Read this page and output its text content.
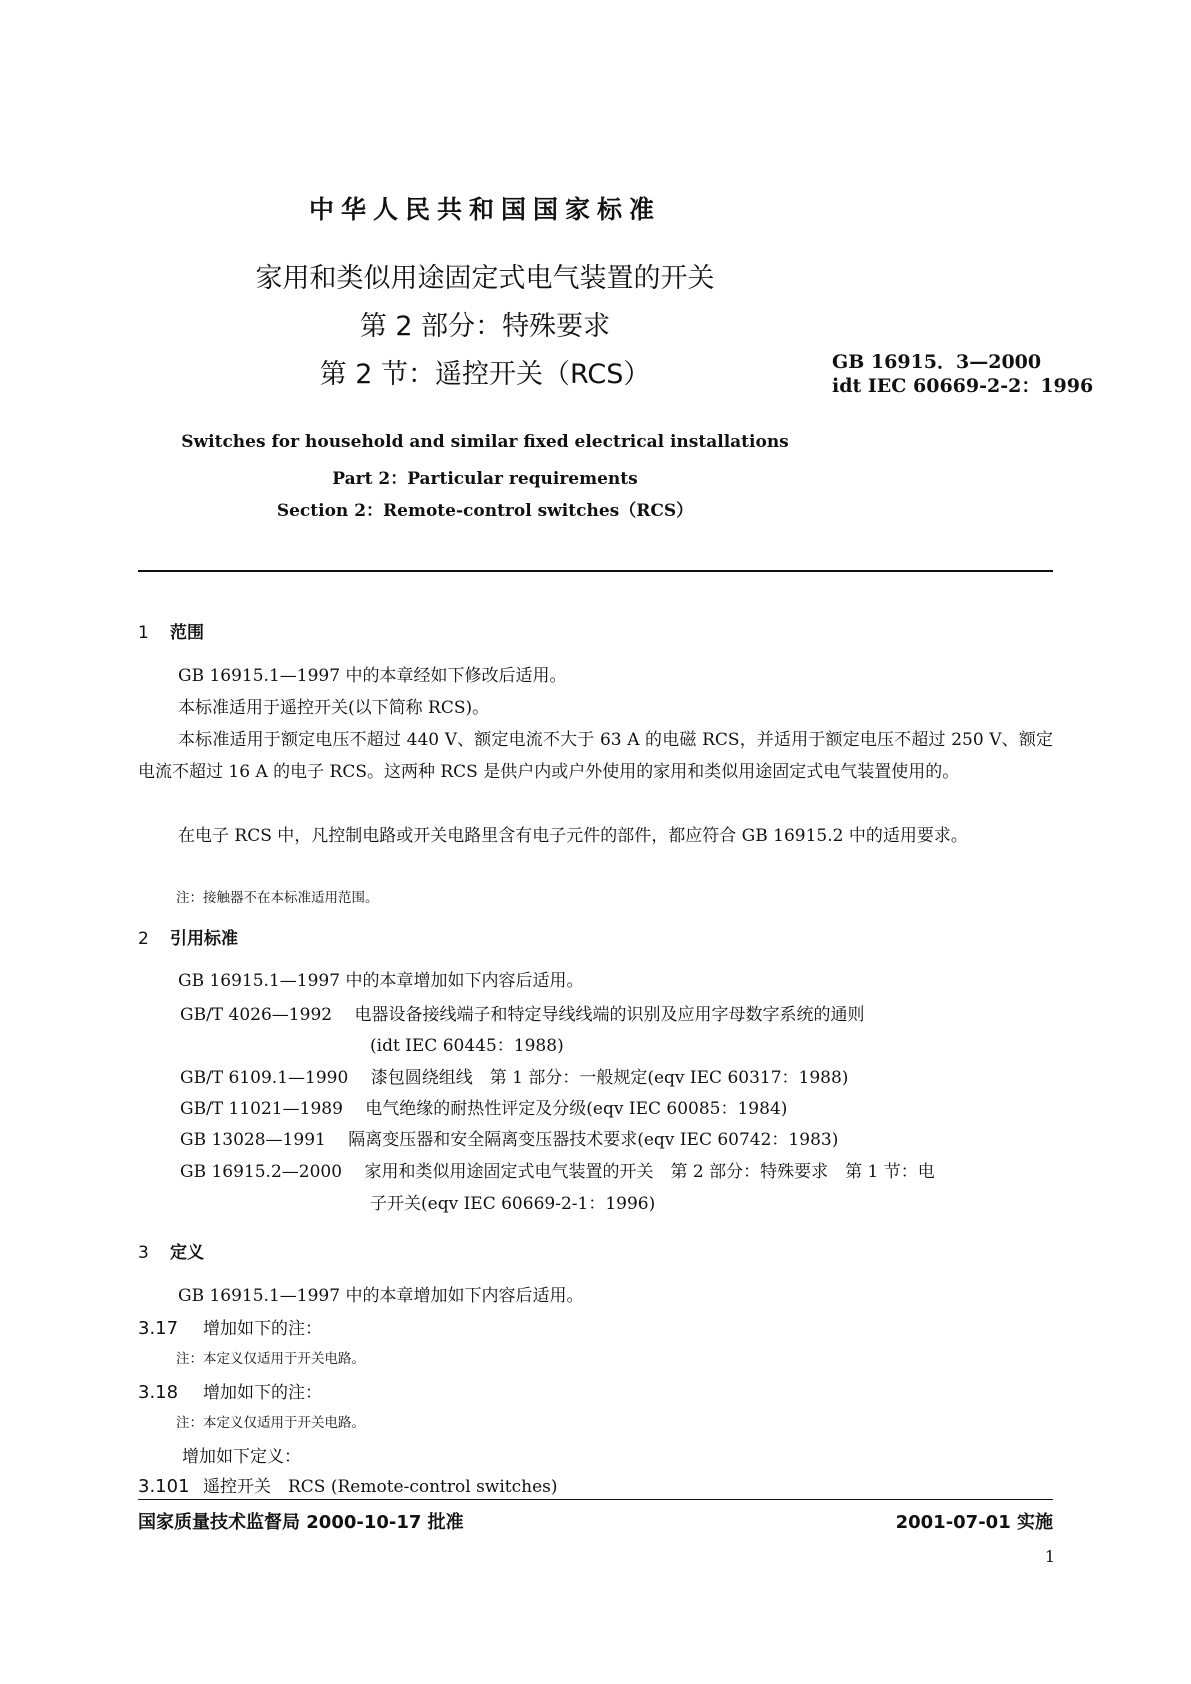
中华人民共和国国家标准
家用和类似用途固定式电气装置的开关
第 2 部分：特殊要求
第 2 节：遥控开关（RCS）	GB 16915．3—2000
idt IEC 60669-2-2：1996
Switches for household and similar fixed electrical installations
Part 2：Particular requirements
Section 2：Remote-control switches（RCS）
1 范围
GB 16915.1—1997 中的本章经如下修改后适用。
本标准适用于遥控开关(以下简称 RCS)。
本标准适用于额定电压不超过 440 V、额定电流不大于 63 A 的电磁 RCS，并适用于额定电压不超过 250 V、额定电流不超过 16 A 的电子 RCS。这两种 RCS 是供户内或户外使用的家用和类似用途固定式电气装置使用的。
在电子 RCS 中，凡控制电路或开关电路里含有电子元件的部件，都应符合 GB 16915.2 中的适用要求。
注：接触器不在本标准适用范围。
2 引用标准
GB 16915.1—1997 中的本章增加如下内容后适用。
GB/T 4026—1992　 电器设备接线端子和特定导线线端的识别及应用字母数字系统的通则
(idt IEC 60445：1988)
GB/T 6109.1—1990　 漆包圆绕组线　第 1 部分：一般规定(eqv IEC 60317：1988)
GB/T 11021—1989　 电气绝缘的耐热性评定及分级(eqv IEC 60085：1984)
GB 13028—1991　 隔离变压器和安全隔离变压器技术要求(eqv IEC 60742：1983)
GB 16915.2—2000　 家用和类似用途固定式电气装置的开关　第 2 部分：特殊要求　第 1 节：电
子开关(eqv IEC 60669-2-1：1996)
3 定义
GB 16915.1—1997 中的本章增加如下内容后适用。
3.17 增加如下的注：
注：本定义仅适用于开关电路。
3.18 增加如下的注：
注：本定义仅适用于开关电路。
增加如下定义：
3.101 遥控开关　RCS (Remote-control switches)
国家质量技术监督局 2000-10-17 批准	2001-07-01 实施
1
